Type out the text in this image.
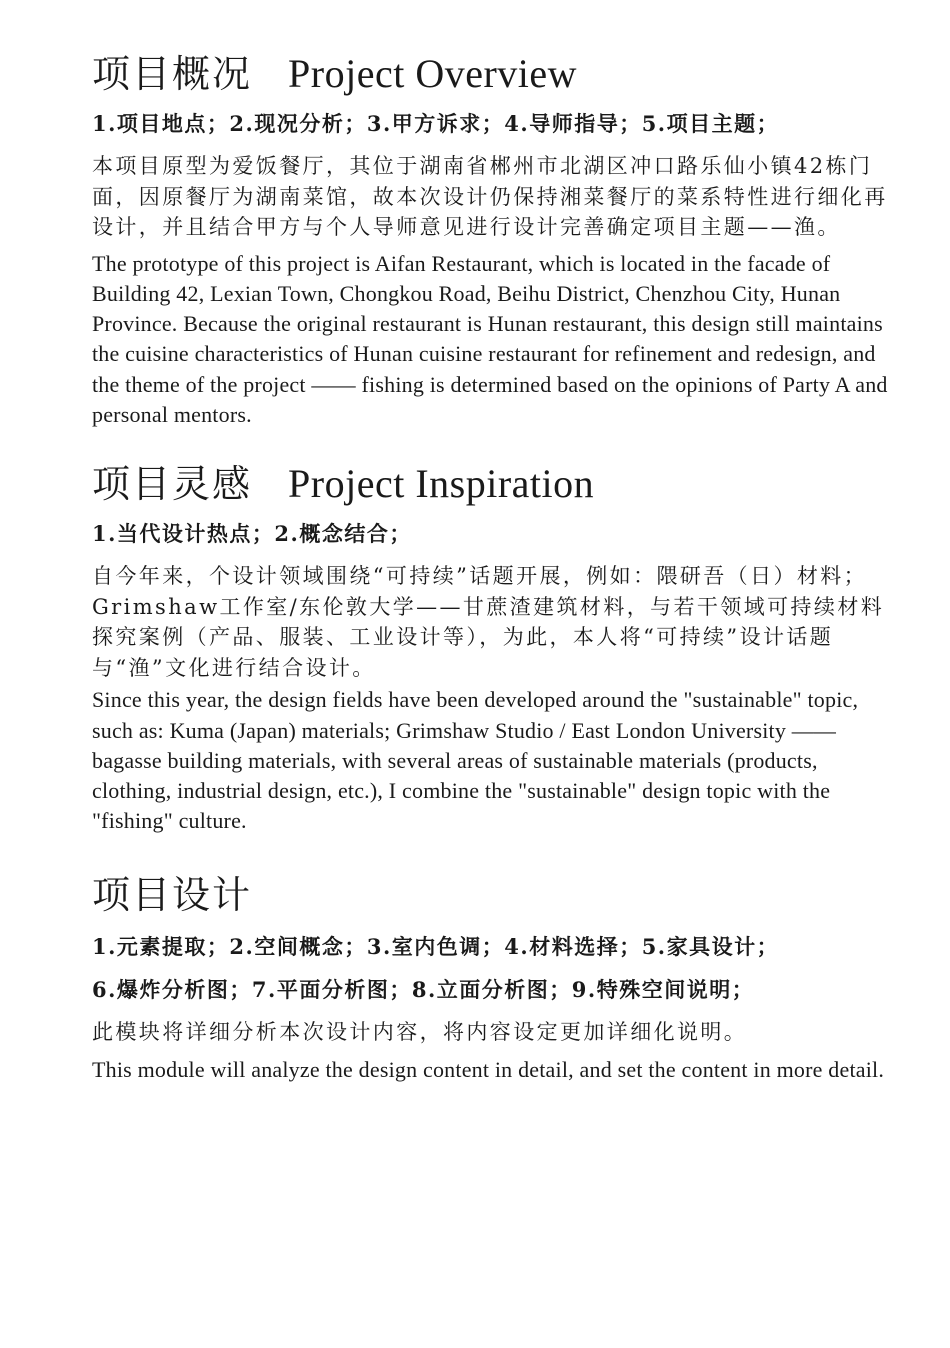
项目概况 Project Overview

1.项目地点；2.现况分析；3.甲方诉求；4.导师指导；5.项目主题；

本项目原型为爱饭餐厅，其位于湖南省郴州市北湖区冲口路乐仙小镇42栋门面，因原餐厅为湖南菜馆，故本次设计仍保持湘菜餐厅的菜系特性进行细化再设计，并且结合甲方与个人导师意见进行设计完善确定项目主题——渔。

The prototype of this project is Aifan Restaurant, which is located in the facade of Building 42, Lexian Town, Chongkou Road, Beihu District, Chenzhou City, Hunan Province. Because the original restaurant is Hunan restaurant, this design still maintains the cuisine characteristics of Hunan cuisine restaurant for refinement and redesign, and the theme of the project —— fishing is determined based on the opinions of Party A and personal mentors.

项目灵感 Project Inspiration

1.当代设计热点；2.概念结合；

自今年来，个设计领域围绕“可持续”话题开展，例如：隈研吾（日）材料；Grimshaw工作室/东伦敦大学——甘蔗渣建筑材料，与若干领域可持续材料探究案例（产品、服装、工业设计等），为此，本人将“可持续”设计话题与“渔”文化进行结合设计。

Since this year, the design fields have been developed around the "sustainable" topic, such as: Kuma (Japan) materials; Grimshaw Studio / East London University —— bagasse building materials, with several areas of sustainable materials (products, clothing, industrial design, etc.), I combine the "sustainable" design topic with the "fishing" culture.

项目设计

1.元素提取；2.空间概念；3.室内色调；4.材料选择；5.家具设计；

6.爆炸分析图；7.平面分析图；8.立面分析图；9.特殊空间说明；

此模块将详细分析本次设计内容，将内容设定更加详细化说明。

This module will analyze the design content in detail, and set the content in more detail.
